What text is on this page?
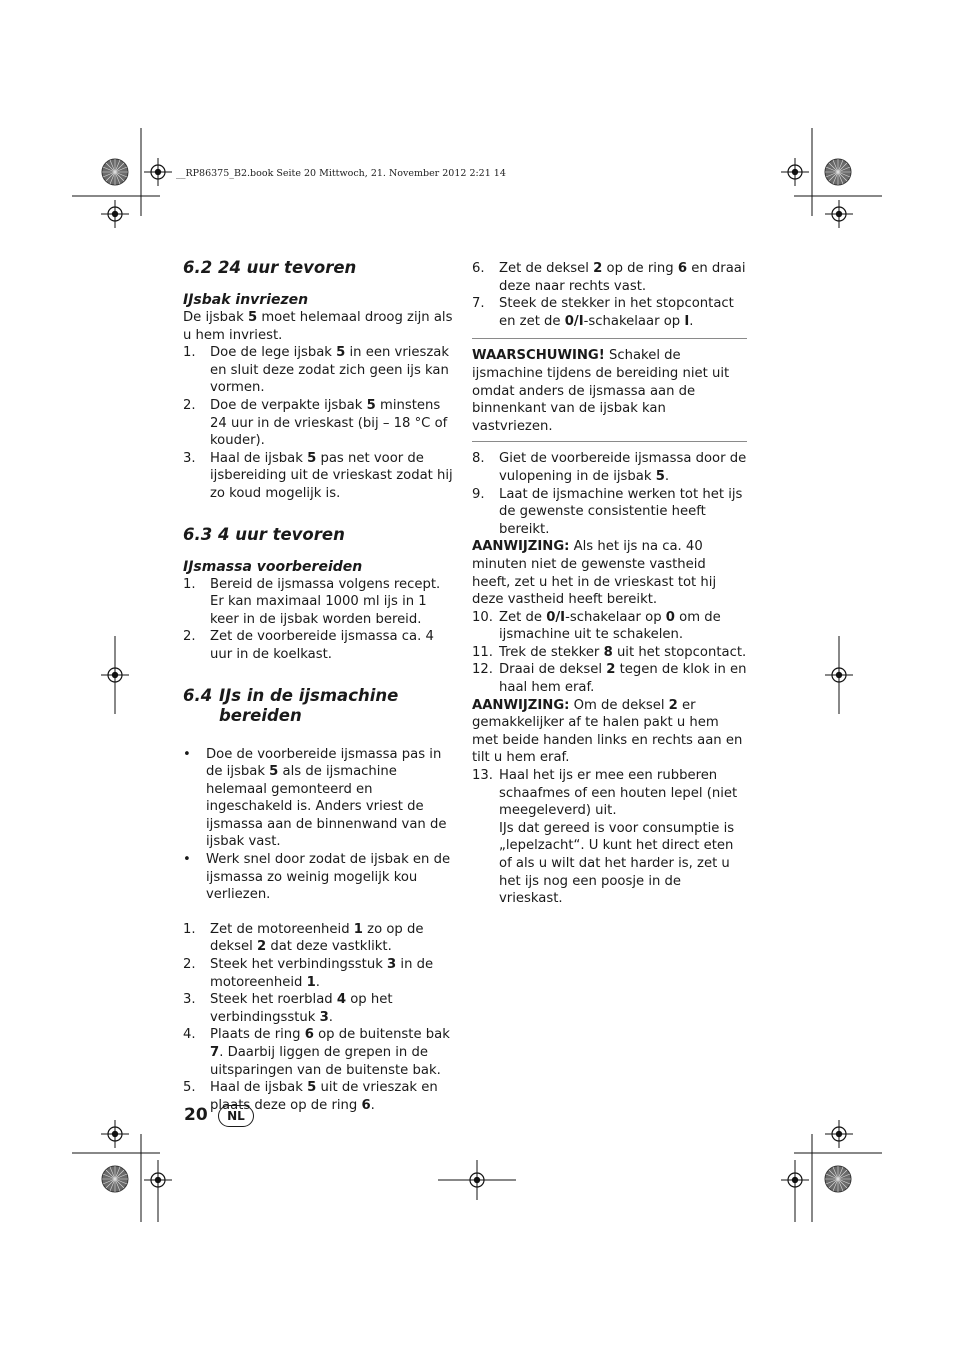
__RP86375_B2.book Seite 20 Mittwoch, 21. November 2012 2:21 14
6.2 24 uur tevoren
IJsbak invriezen

De ijsbak 5 moet helemaal droog zijn als u hem invriest.

1. Doe de lege ijsbak 5 in een vrieszak en sluit deze zodat zich geen ijs kan vormen.
2. Doe de verpakte ijsbak 5 minstens 24 uur in de vrieskast (bij – 18 °C of kouder).
3. Haal de ijsbak 5 pas net voor de ijsbereiding uit de vrieskast zodat hij zo koud mogelijk is.
6.3 4 uur tevoren
IJsmassa voorbereiden
1. Bereid de ijsmassa volgens recept. Er kan maximaal 1000 ml ijs in 1 keer in de ijsbak worden bereid.
2. Zet de voorbereide ijsmassa ca. 4 uur in de koelkast.
6.4 IJs in de ijsmachine
bereiden
• Doe de voorbereide ijsmassa pas in de ijsbak 5 als de ijsmachine helemaal gemonteerd en ingeschakeld is. Anders vriest de ijsmassa aan de binnenwand van de ijsbak vast.
• Werk snel door zodat de ijsbak en de ijsmassa zo weinig mogelijk kou verliezen.
1. Zet de motoreenheid 1 zo op de deksel 2 dat deze vastklikt.
2. Steek het verbindingsstuk 3 in de motoreenheid 1.
3. Steek het roerblad 4 op het verbindingsstuk 3.
4. Plaats de ring 6 op de buitenste bak 7. Daarbij liggen de grepen in de uitsparingen van de buitenste bak.
5. Haal de ijsbak 5 uit de vrieszak en plaats deze op de ring 6.
6. Zet de deksel 2 op de ring 6 en draai deze naar rechts vast.
7. Steek de stekker in het stopcontact en zet de 0/I-schakelaar op I.

WAARSCHUWING! Schakel de ijsmachine tijdens de bereiding niet uit omdat anders de ijsmassa aan de binnenkant van de ijsbak kan vastvriezen.

8. Giet de voorbereide ijsmassa door de vulopening in de ijsbak 5.
9. Laat de ijsmachine werken tot het ijs de gewenste consistentie heeft bereikt.

AANWIJZING: Als het ijs na ca. 40 minuten niet de gewenste vastheid heeft, zet u het in de vrieskast tot hij deze vastheid heeft bereikt.

10. Zet de 0/I-schakelaar op 0 om de ijsmachine uit te schakelen.
11. Trek de stekker 8 uit het stopcontact.
12. Draai de deksel 2 tegen de klok in en haal hem eraf.

AANWIJZING: Om de deksel 2 er gemakkelijker af te halen pakt u hem met beide handen links en rechts aan en tilt u hem eraf.

13. Haal het ijs er mee een rubberen schaafmes of een houten lepel (niet meegeleverd) uit.
IJs dat gereed is voor consumptie is „lepelzacht“. U kunt het direct eten of als u wilt dat het harder is, zet u het ijs nog een poosje in de vrieskast.
20	NL
